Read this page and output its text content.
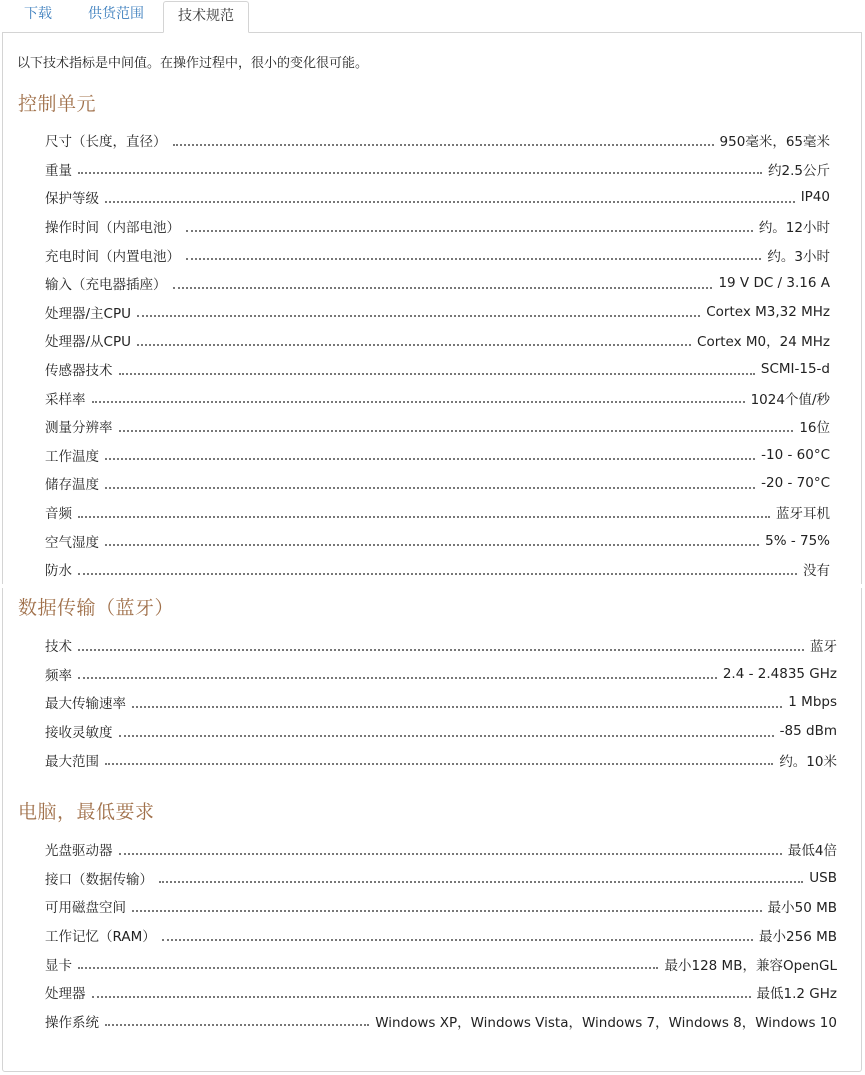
下载	供货范围	技术规范
以下技术指标是中间值。在操作过程中，很小的变化很可能。
控制单元
尺寸（长度，直径）	950毫米，65毫米
重量	约2.5公斤
保护等级	IP40
操作时间（内部电池）	约。12小时
充电时间（内置电池）	约。3小时
输入（充电器插座）	19 V DC / 3.16 A
处理器/主CPU	Cortex M3,32 MHz
处理器/从CPU	Cortex M0，24 MHz
传感器技术	SCMI-15-d
采样率	1024个值/秒
测量分辨率	16位
工作温度	-10 - 60°C
储存温度	-20 - 70°C
音频	蓝牙耳机
空气湿度	5% - 75%
防水	没有
数据传输（蓝牙）
技术	蓝牙
频率	2.4 - 2.4835 GHz
最大传输速率	1 Mbps
接收灵敏度	-85 dBm
最大范围	约。10米
电脑，最低要求
光盘驱动器	最低4倍
接口（数据传输）	USB
可用磁盘空间	最小50 MB
工作记忆（RAM）	最小256 MB
显卡	最小128 MB，兼容OpenGL
处理器	最低1.2 GHz
操作系统	Windows XP，Windows Vista，Windows 7，Windows 8，Windows 10
